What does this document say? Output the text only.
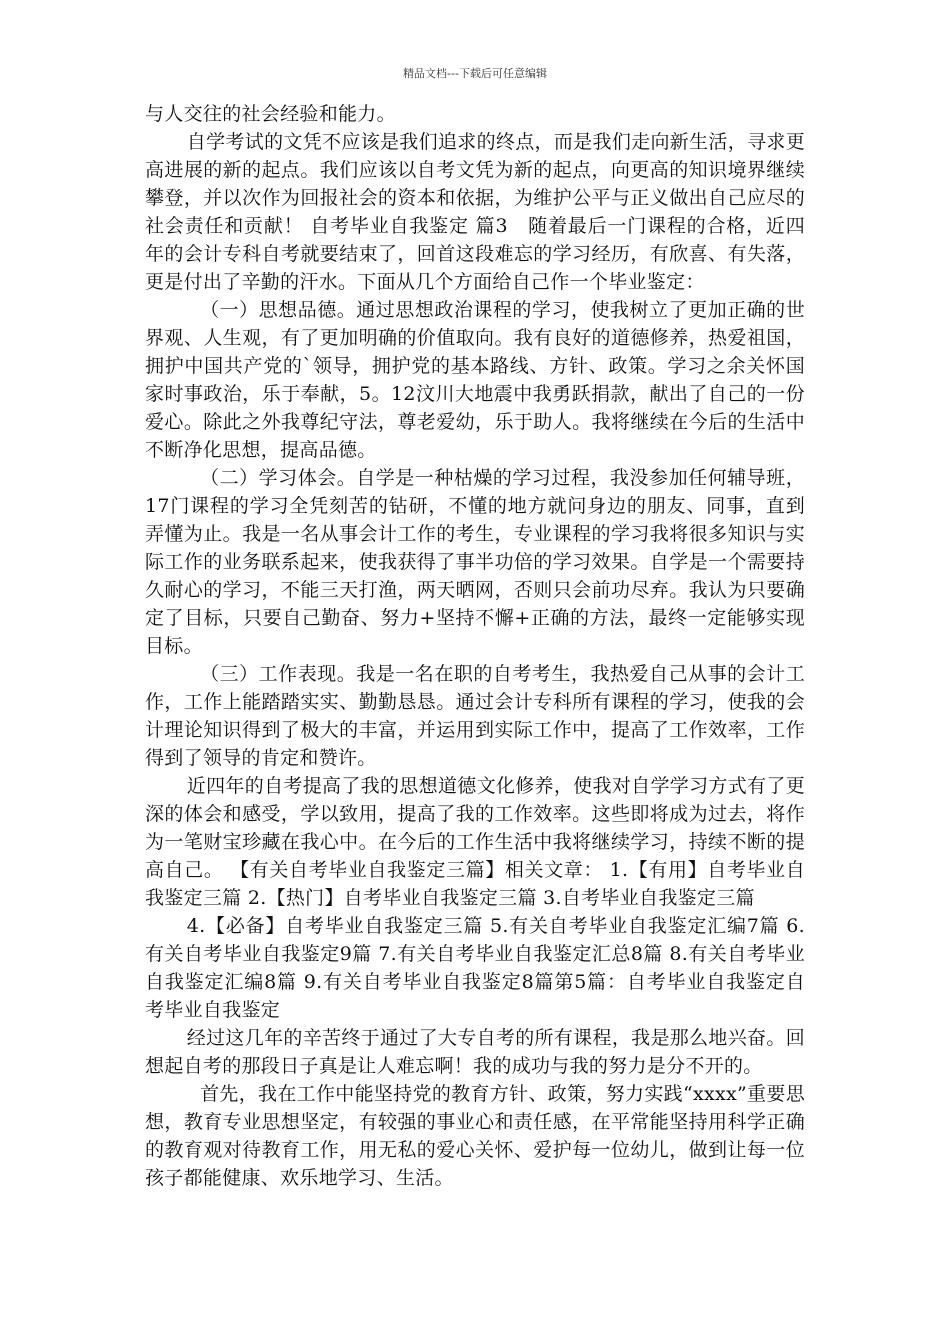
精品文档---下载后可任意编辑

与人交往的社会经验和能力。

自学考试的文凭不应该是我们追求的终点，而是我们走向新生活，寻求更高进展的新的起点。我们应该以自考文凭为新的起点，向更高的知识境界继续攀登，并以次作为回报社会的资本和依据，为维护公平与正义做出自己应尽的社会责任和贡献！ 自考毕业自我鉴定 篇3　随着最后一门课程的合格，近四年的会计专科自考就要结束了，回首这段难忘的学习经历，有欣喜、有失落，更是付出了辛勤的汗水。下面从几个方面给自己作一个毕业鉴定：

（一）思想品德。通过思想政治课程的学习，使我树立了更加正确的世界观、人生观，有了更加明确的价值取向。我有良好的道德修养，热爱祖国，拥护中国共产党的`领导，拥护党的基本路线、方针、政策。学习之余关怀国家时事政治，乐于奉献，5。12汶川大地震中我勇跃捐款，献出了自己的一份爱心。除此之外我尊纪守法，尊老爱幼，乐于助人。我将继续在今后的生活中不断净化思想，提高品德。

（二）学习体会。自学是一种枯燥的学习过程，我没参加任何辅导班，17门课程的学习全凭刻苦的钻研，不懂的地方就问身边的朋友、同事，直到弄懂为止。我是一名从事会计工作的考生，专业课程的学习我将很多知识与实际工作的业务联系起来，使我获得了事半功倍的学习效果。自学是一个需要持久耐心的学习，不能三天打渔，两天晒网，否则只会前功尽弃。我认为只要确定了目标，只要自己勤奋、努力+坚持不懈+正确的方法，最终一定能够实现目标。

（三）工作表现。我是一名在职的自考考生，我热爱自己从事的会计工作，工作上能踏踏实实、勤勤恳恳。通过会计专科所有课程的学习，使我的会计理论知识得到了极大的丰富，并运用到实际工作中，提高了工作效率，工作得到了领导的肯定和赞许。

近四年的自考提高了我的思想道德文化修养，使我对自学学习方式有了更深的体会和感受，学以致用，提高了我的工作效率。这些即将成为过去，将作为一笔财宝珍藏在我心中。在今后的工作生活中我将继续学习，持续不断的提高自己。 【有关自考毕业自我鉴定三篇】相关文章： 1.【有用】自考毕业自我鉴定三篇 2.【热门】自考毕业自我鉴定三篇 3.自考毕业自我鉴定三篇

4.【必备】自考毕业自我鉴定三篇 5.有关自考毕业自我鉴定汇编7篇 6.有关自考毕业自我鉴定9篇 7.有关自考毕业自我鉴定汇总8篇 8.有关自考毕业自我鉴定汇编8篇 9.有关自考毕业自我鉴定8篇第5篇：自考毕业自我鉴定自考毕业自我鉴定

经过这几年的辛苦终于通过了大专自考的所有课程，我是那么地兴奋。回想起自考的那段日子真是让人难忘啊！我的成功与我的努力是分不开的。

首先，我在工作中能坚持党的教育方针、政策，努力实践“xxxx”重要思想，教育专业思想坚定，有较强的事业心和责任感，在平常能坚持用科学正确的教育观对待教育工作，用无私的爱心关怀、爱护每一位幼儿，做到让每一位孩子都能健康、欢乐地学习、生活。
